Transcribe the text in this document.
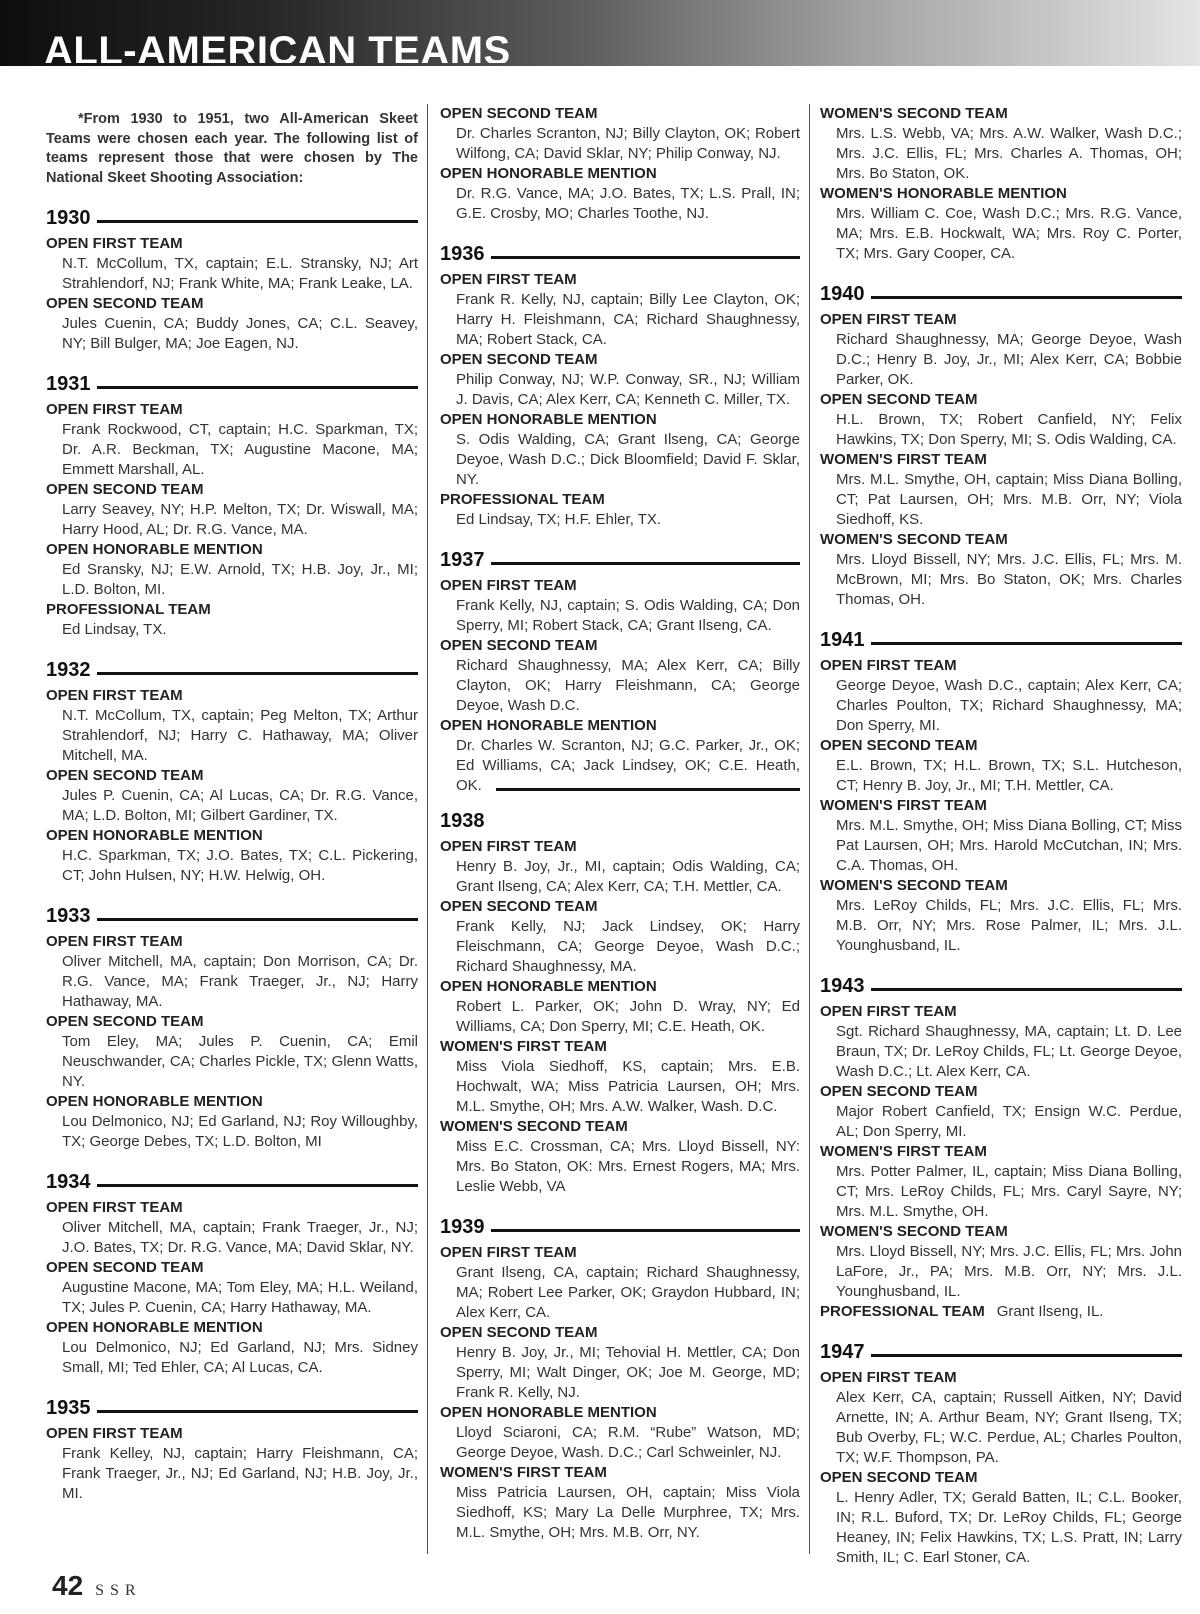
ALL-AMERICAN TEAMS

*From 1930 to 1951, two All-American Skeet Teams were chosen each year. The following list of teams represent those that were chosen by The National Skeet Shooting Association:

1930
OPEN FIRST TEAM
N.T. McCollum, TX, captain; E.L. Stransky, NJ; Art Strahlendorf, NJ; Frank White, MA; Frank Leake, LA.
OPEN SECOND TEAM
Jules Cuenin, CA; Buddy Jones, CA; C.L. Seavey, NY; Bill Bulger, MA; Joe Eagen, NJ.
1931
OPEN FIRST TEAM
Frank Rockwood, CT, captain; H.C. Sparkman, TX; Dr. A.R. Beckman, TX; Augustine Macone, MA; Emmett Marshall, AL.
OPEN SECOND TEAM
Larry Seavey, NY; H.P. Melton, TX; Dr. Wiswall, MA; Harry Hood, AL; Dr. R.G. Vance, MA.
OPEN HONORABLE MENTION
Ed Sransky, NJ; E.W. Arnold, TX; H.B. Joy, Jr., MI; L.D. Bolton, MI.
PROFESSIONAL TEAM
Ed Lindsay, TX.
1932
OPEN FIRST TEAM
N.T. McCollum, TX, captain; Peg Melton, TX; Arthur Strahlendorf, NJ; Harry C. Hathaway, MA; Oliver Mitchell, MA.
OPEN SECOND TEAM
Jules P. Cuenin, CA; Al Lucas, CA; Dr. R.G. Vance, MA; L.D. Bolton, MI; Gilbert Gardiner, TX.
OPEN HONORABLE MENTION
H.C. Sparkman, TX; J.O. Bates, TX; C.L. Pickering, CT; John Hulsen, NY; H.W. Helwig, OH.
1933
OPEN FIRST TEAM
Oliver Mitchell, MA, captain; Don Morrison, CA; Dr. R.G. Vance, MA; Frank Traeger, Jr., NJ; Harry Hathaway, MA.
OPEN SECOND TEAM
Tom Eley, MA; Jules P. Cuenin, CA; Emil Neuschwander, CA; Charles Pickle, TX; Glenn Watts, NY.
OPEN HONORABLE MENTION
Lou Delmonico, NJ; Ed Garland, NJ; Roy Willoughby, TX; George Debes, TX; L.D. Bolton, MI
1934
OPEN FIRST TEAM
Oliver Mitchell, MA, captain; Frank Traeger, Jr., NJ; J.O. Bates, TX; Dr. R.G. Vance, MA; David Sklar, NY.
OPEN SECOND TEAM
Augustine Macone, MA; Tom Eley, MA; H.L. Weiland, TX; Jules P. Cuenin, CA; Harry Hathaway, MA.
OPEN HONORABLE MENTION
Lou Delmonico, NJ; Ed Garland, NJ; Mrs. Sidney Small, MI; Ted Ehler, CA; Al Lucas, CA.
1935
OPEN FIRST TEAM
Frank Kelley, NJ, captain; Harry Fleishmann, CA; Frank Traeger, Jr., NJ; Ed Garland, NJ; H.B. Joy, Jr., MI.
OPEN SECOND TEAM
Dr. Charles Scranton, NJ; Billy Clayton, OK; Robert Wilfong, CA; David Sklar, NY; Philip Conway, NJ.
OPEN HONORABLE MENTION
Dr. R.G. Vance, MA; J.O. Bates, TX; L.S. Prall, IN; G.E. Crosby, MO; Charles Toothe, NJ.
1936
OPEN FIRST TEAM
Frank R. Kelly, NJ, captain; Billy Lee Clayton, OK; Harry H. Fleishmann, CA; Richard Shaughnessy, MA; Robert Stack, CA.
OPEN SECOND TEAM
Philip Conway, NJ; W.P. Conway, SR., NJ; William J. Davis, CA; Alex Kerr, CA; Kenneth C. Miller, TX.
OPEN HONORABLE MENTION
S. Odis Walding, CA; Grant Ilseng, CA; George Deyoe, Wash D.C.; Dick Bloomfield; David F. Sklar, NY.
PROFESSIONAL TEAM
Ed Lindsay, TX; H.F. Ehler, TX.
1937
OPEN FIRST TEAM
Frank Kelly, NJ, captain; S. Odis Walding, CA; Don Sperry, MI; Robert Stack, CA; Grant Ilseng, CA.
OPEN SECOND TEAM
Richard Shaughnessy, MA; Alex Kerr, CA; Billy Clayton, OK; Harry Fleishmann, CA; George Deyoe, Wash D.C.
OPEN HONORABLE MENTION
Dr. Charles W. Scranton, NJ; G.C. Parker, Jr., OK; Ed Williams, CA; Jack Lindsey, OK; C.E. Heath, OK.
1938
OPEN FIRST TEAM
Henry B. Joy, Jr., MI, captain; Odis Walding, CA; Grant Ilseng, CA; Alex Kerr, CA; T.H. Mettler, CA.
OPEN SECOND TEAM
Frank Kelly, NJ; Jack Lindsey, OK; Harry Fleischmann, CA; George Deyoe, Wash D.C.; Richard Shaughnessy, MA.
OPEN HONORABLE MENTION
Robert L. Parker, OK; John D. Wray, NY; Ed Williams, CA; Don Sperry, MI; C.E. Heath, OK.
WOMEN'S FIRST TEAM
Miss Viola Siedhoff, KS, captain; Mrs. E.B. Hochwalt, WA; Miss Patricia Laursen, OH; Mrs. M.L. Smythe, OH; Mrs. A.W. Walker, Wash. D.C.
WOMEN'S SECOND TEAM
Miss E.C. Crossman, CA; Mrs. Lloyd Bissell, NY: Mrs. Bo Staton, OK: Mrs. Ernest Rogers, MA; Mrs. Leslie Webb, VA
1939
OPEN FIRST TEAM
Grant Ilseng, CA, captain; Richard Shaughnessy, MA; Robert Lee Parker, OK; Graydon Hubbard, IN; Alex Kerr, CA.
OPEN SECOND TEAM
Henry B. Joy, Jr., MI; Tehovial H. Mettler, CA; Don Sperry, MI; Walt Dinger, OK; Joe M. George, MD; Frank R. Kelly, NJ.
OPEN HONORABLE MENTION
Lloyd Sciaroni, CA; R.M. “Rube” Watson, MD; George Deyoe, Wash. D.C.; Carl Schweinler, NJ.
WOMEN'S FIRST TEAM
Miss Patricia Laursen, OH, captain; Miss Viola Siedhoff, KS; Mary La Delle Murphree, TX; Mrs. M.L. Smythe, OH; Mrs. M.B. Orr, NY.
WOMEN'S SECOND TEAM
Mrs. L.S. Webb, VA; Mrs. A.W. Walker, Wash D.C.; Mrs. J.C. Ellis, FL; Mrs. Charles A. Thomas, OH; Mrs. Bo Staton, OK.
WOMEN'S HONORABLE MENTION
Mrs. William C. Coe, Wash D.C.; Mrs. R.G. Vance, MA; Mrs. E.B. Hockwalt, WA; Mrs. Roy C. Porter, TX; Mrs. Gary Cooper, CA.
1940
OPEN FIRST TEAM
Richard Shaughnessy, MA; George Deyoe, Wash D.C.; Henry B. Joy, Jr., MI; Alex Kerr, CA; Bobbie Parker, OK.
OPEN SECOND TEAM
H.L. Brown, TX; Robert Canfield, NY; Felix Hawkins, TX; Don Sperry, MI; S. Odis Walding, CA.
WOMEN'S FIRST TEAM
Mrs. M.L. Smythe, OH, captain; Miss Diana Bolling, CT; Pat Laursen, OH; Mrs. M.B. Orr, NY; Viola Siedhoff, KS.
WOMEN'S SECOND TEAM
Mrs. Lloyd Bissell, NY; Mrs. J.C. Ellis, FL; Mrs. M. McBrown, MI; Mrs. Bo Staton, OK; Mrs. Charles Thomas, OH.
1941
OPEN FIRST TEAM
George Deyoe, Wash D.C., captain; Alex Kerr, CA; Charles Poulton, TX; Richard Shaughnessy, MA; Don Sperry, MI.
OPEN SECOND TEAM
E.L. Brown, TX; H.L. Brown, TX; S.L. Hutcheson, CT; Henry B. Joy, Jr., MI; T.H. Mettler, CA.
WOMEN'S FIRST TEAM
Mrs. M.L. Smythe, OH; Miss Diana Bolling, CT; Miss Pat Laursen, OH; Mrs. Harold McCutchan, IN; Mrs. C.A. Thomas, OH.
WOMEN'S SECOND TEAM
Mrs. LeRoy Childs, FL; Mrs. J.C. Ellis, FL; Mrs. M.B. Orr, NY; Mrs. Rose Palmer, IL; Mrs. J.L. Younghusband, IL.
1943
OPEN FIRST TEAM
Sgt. Richard Shaughnessy, MA, captain; Lt. D. Lee Braun, TX; Dr. LeRoy Childs, FL; Lt. George Deyoe, Wash D.C.; Lt. Alex Kerr, CA.
OPEN SECOND TEAM
Major Robert Canfield, TX; Ensign W.C. Perdue, AL; Don Sperry, MI.
WOMEN'S FIRST TEAM
Mrs. Potter Palmer, IL, captain; Miss Diana Bolling, CT; Mrs. LeRoy Childs, FL; Mrs. Caryl Sayre, NY; Mrs. M.L. Smythe, OH.
WOMEN'S SECOND TEAM
Mrs. Lloyd Bissell, NY; Mrs. J.C. Ellis, FL; Mrs. John LaFore, Jr., PA; Mrs. M.B. Orr, NY; Mrs. J.L. Younghusband, IL.
PROFESSIONAL TEAM Grant Ilseng, IL.
1947
OPEN FIRST TEAM
Alex Kerr, CA, captain; Russell Aitken, NY; David Arnette, IN; A. Arthur Beam, NY; Grant Ilseng, TX; Bub Overby, FL; W.C. Perdue, AL; Charles Poulton, TX; W.F. Thompson, PA.
OPEN SECOND TEAM
L. Henry Adler, TX; Gerald Batten, IL; C.L. Booker, IN; R.L. Buford, TX; Dr. LeRoy Childs, FL; George Heaney, IN; Felix Hawkins, TX; L.S. Pratt, IN; Larry Smith, IL; C. Earl Stoner, CA.
42 SSR
